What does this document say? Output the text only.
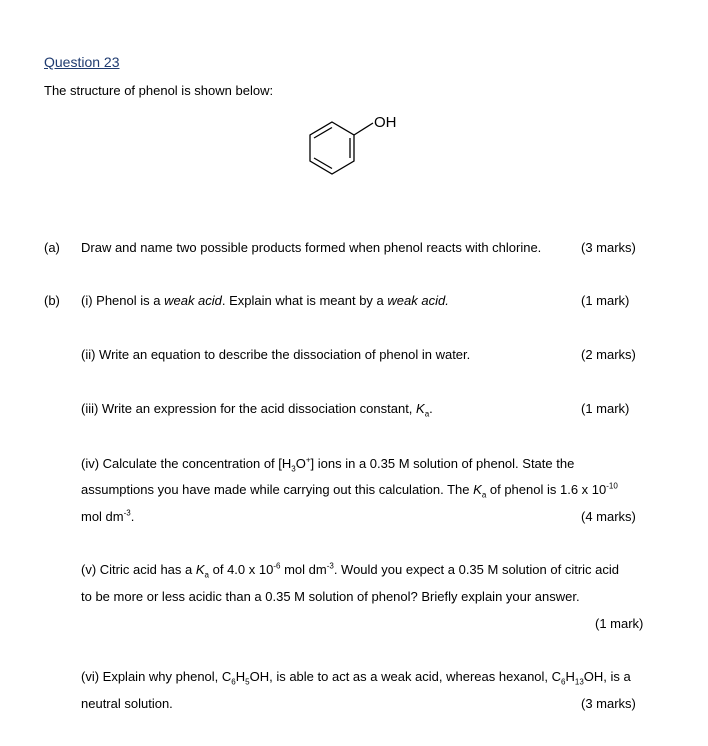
Question 23
The structure of phenol is shown below:
OH
(a) Draw and name two possible products formed when phenol reacts with chlorine.	(3 marks)
(b) (i) Phenol is a weak acid. Explain what is meant by a weak acid.	(1 mark)
(ii) Write an equation to describe the dissociation of phenol in water.	(2 marks)
(iii) Write an expression for the acid dissociation constant, $K_a$.	(1 mark)
(iv) Calculate the concentration of $[H_3O^+]$ ions in a 0.35 M solution of phenol. State the
assumptions you have made while carrying out this calculation. The $K_a$ of phenol is 1.6 x $10^{-10}$
mol $dm^{-3}$.	(4 marks)
(v) Citric acid has a $K_a$ of 4.0 x $10^{-6}$ mol $dm^{-3}$. Would you expect a 0.35 M solution of citric acid
to be more or less acidic than a 0.35 M solution of phenol? Briefly explain your answer.
(1 mark)
(vi) Explain why phenol, $C_6H_5OH$, is able to act as a weak acid, whereas hexanol, $C_6H_{13}OH$, is a
neutral solution.	(3 marks)
